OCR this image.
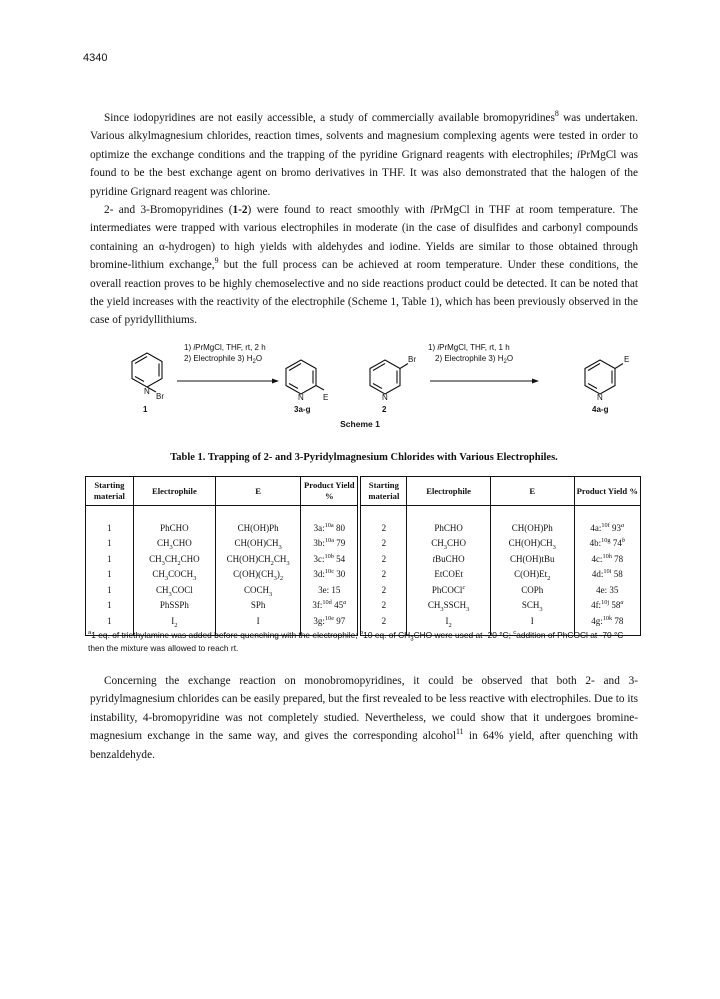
4340

Since iodopyridines are not easily accessible, a study of commercially available bromopyridines$^8$ was undertaken. Various alkylmagnesium chlorides, reaction times, solvents and magnesium complexing agents were tested in order to optimize the exchange conditions and the trapping of the pyridine Grignard reagents with electrophiles; iPrMgCl was found to be the best exchange agent on bromo derivatives in THF. It was also demonstrated that the halogen of the pyridine Grignard reagent was chlorine.

2- and 3-Bromopyridines (1-2) were found to react smoothly with iPrMgCl in THF at room temperature. The intermediates were trapped with various electrophiles in moderate (in the case of disulfides and carbonyl compounds containing an α-hydrogen) to high yields with aldehydes and iodine. Yields are similar to those obtained through bromine-lithium exchange,$^9$ but the full process can be achieved at room temperature. Under these conditions, the overall reaction proves to be highly chemoselective and no side reactions product could be detected. It can be noted that the yield increases with the reactivity of the electrophile (Scheme 1, Table 1), which has been previously observed in the case of pyridyllithiums.

N
Br
1
1) iPrMgCl, THF, rt, 2 h
2) Electrophile 3) $H_2O$
N E
3a-g
N
Br
2
1) iPrMgCl, THF, rt, 1 h
2) Electrophile 3) $H_2O$
N
E
4a-g
Scheme 1
Table 1. Trapping of 2- and 3-Pyridylmagnesium Chlorides with Various Electrophiles.
Starting material	Electrophile	E	Product Yield %	Starting material	Electrophile	E	Product Yield %
1	PhCHO	CH(OH)Ph	3a:$^{10a}$ 80	2	PhCHO	CH(OH)Ph	4a:$^{10f}$ 93$^a$
1	$CH_3CHO$	$CH(OH)CH_3$	3b:$^{10a}$ 79	2	$CH_3CHO$	$CH(OH)CH_3$	4b:$^{10g}$ 74$^b$
1	$CH_3CH_2CHO$	$CH(OH)CH_2CH_3$	3c:$^{10b}$ 54	2	tBuCHO	CH(OH)tBu	4c:$^{10h}$ 78
1	$CH_3COCH_3$	$C(OH)(CH_3)_2$	3d:$^{10c}$ 30	2	EtCOEt	$C(OH)Et_2$	4d:$^{10i}$ 58
1	$CH_3COCl$	$COCH_3$	3e: 15	2	PhCOCl$^c$	COPh	4e: 35
1	PhSSPh	SPh	3f:$^{10d}$ 45$^a$	2	$CH_3SSCH_3$	$SCH_3$	4f:$^{10j}$ 58$^a$
1	$I_2$	I	3g:$^{10e}$ 97	2	$I_2$	I	4g:$^{10k}$ 78
$^a$1 eq. of triethylamine was added before quenching with the electrophile; $^b$10 eq. of $CH_3CHO$ were used at -20 °C; $^c$addition of PhCOCl at -70 °C then the mixture was allowed to reach rt.

Concerning the exchange reaction on monobromopyridines, it could be observed that both 2- and 3-pyridylmagnesium chlorides can be easily prepared, but the first revealed to be less reactive with electrophiles. Due to its instability, 4-bromopyridine was not completely studied. Nevertheless, we could show that it undergoes bromine-magnesium exchange in the same way, and gives the corresponding alcohol$^{11}$ in 64% yield, after quenching with benzaldehyde.
